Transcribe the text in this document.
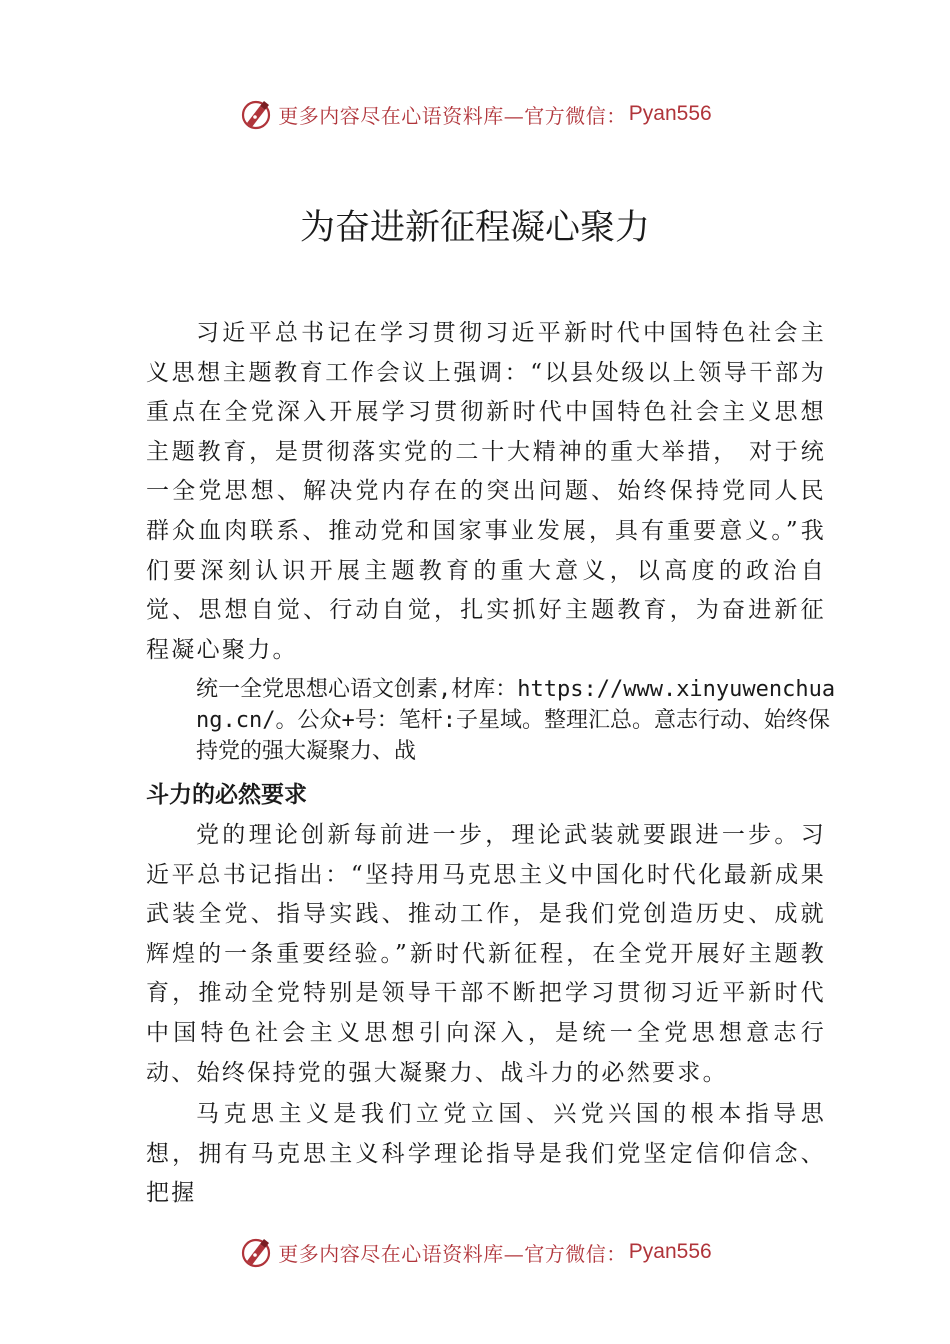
更多内容尽在心语资料库—官方微信： Pyan556
为奋进新征程凝心聚力

习近平总书记在学习贯彻习近平新时代中国特色社会主义思想主题教育工作会议上强调：“以县处级以上领导干部为重点在全党深入开展学习贯彻新时代中国特色社会主义思想主题教育，是贯彻落实党的二十大精神的重大举措， 对于统一全党思想、解决党内存在的突出问题、始终保持党同人民群众血肉联系、推动党和国家事业发展，具有重要意义。”我们要深刻认识开展主题教育的重大意义，以高度的政治自觉、思想自觉、行动自觉，扎实抓好主题教育，为奋进新征程凝心聚力。

统一全党思想心语文创素,材库：https://www.xinyuwenchuang.cn/。公众+号：笔杆:子星域。整理汇总。意志行动、始终保持党的强大凝聚力、战

斗力的必然要求

党的理论创新每前进一步，理论武装就要跟进一步。习近平总书记指出：“坚持用马克思主义中国化时代化最新成果武装全党、指导实践、推动工作，是我们党创造历史、成就辉煌的一条重要经验。”新时代新征程，在全党开展好主题教育，推动全党特别是领导干部不断把学习贯彻习近平新时代中国特色社会主义思想引向深入，是统一全党思想意志行动、始终保持党的强大凝聚力、战斗力的必然要求。

马克思主义是我们立党立国、兴党兴国的根本指导思想，拥有马克思主义科学理论指导是我们党坚定信仰信念、把握

更多内容尽在心语资料库—官方微信： Pyan556
